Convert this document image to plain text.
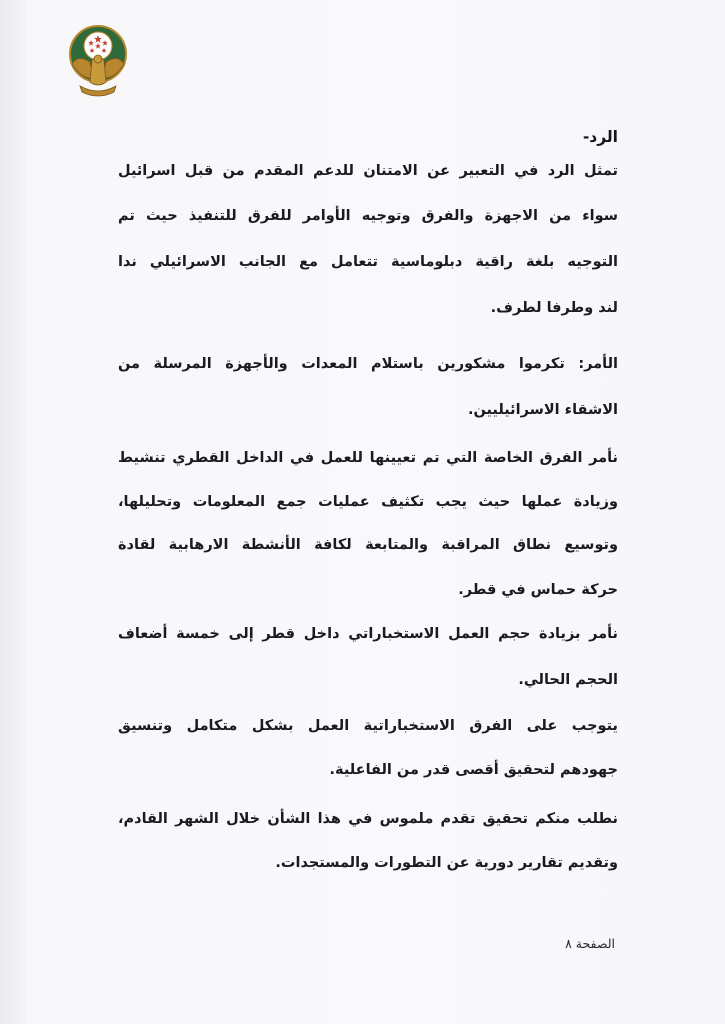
الرد-
تمثل الرد في التعبير عن الامتنان للدعم المقدم من قبل اسرائيل
سواء من الاجهزة والفرق وتوجيه الأوامر للفرق للتنفيذ حيث تم
التوجيه بلغة راقية دبلوماسية تتعامل مع الجانب الاسرائيلي ندا
لند وطرفا لطرف.
الأمر: تكرموا مشكورين باستلام المعدات والأجهزة المرسلة من
الاشقاء الاسرائيليين.
نأمر الفرق الخاصة التي تم تعيينها للعمل في الداخل القطري تنشيط
وزيادة عملها حيث يجب تكثيف عمليات جمع المعلومات وتحليلها،
وتوسيع نطاق المراقبة والمتابعة لكافة الأنشطة الارهابية لقادة
حركة حماس في قطر.
نأمر بزيادة حجم العمل الاستخباراتي داخل قطر إلى خمسة أضعاف
الحجم الحالي.
يتوجب على الفرق الاستخباراتية العمل بشكل متكامل وتنسيق
جهودهم لتحقيق أقصى قدر من الفاعلية.
نطلب منكم تحقيق تقدم ملموس في هذا الشأن خلال الشهر القادم،
وتقديم تقارير دورية عن التطورات والمستجدات.
الصفحة ٨
